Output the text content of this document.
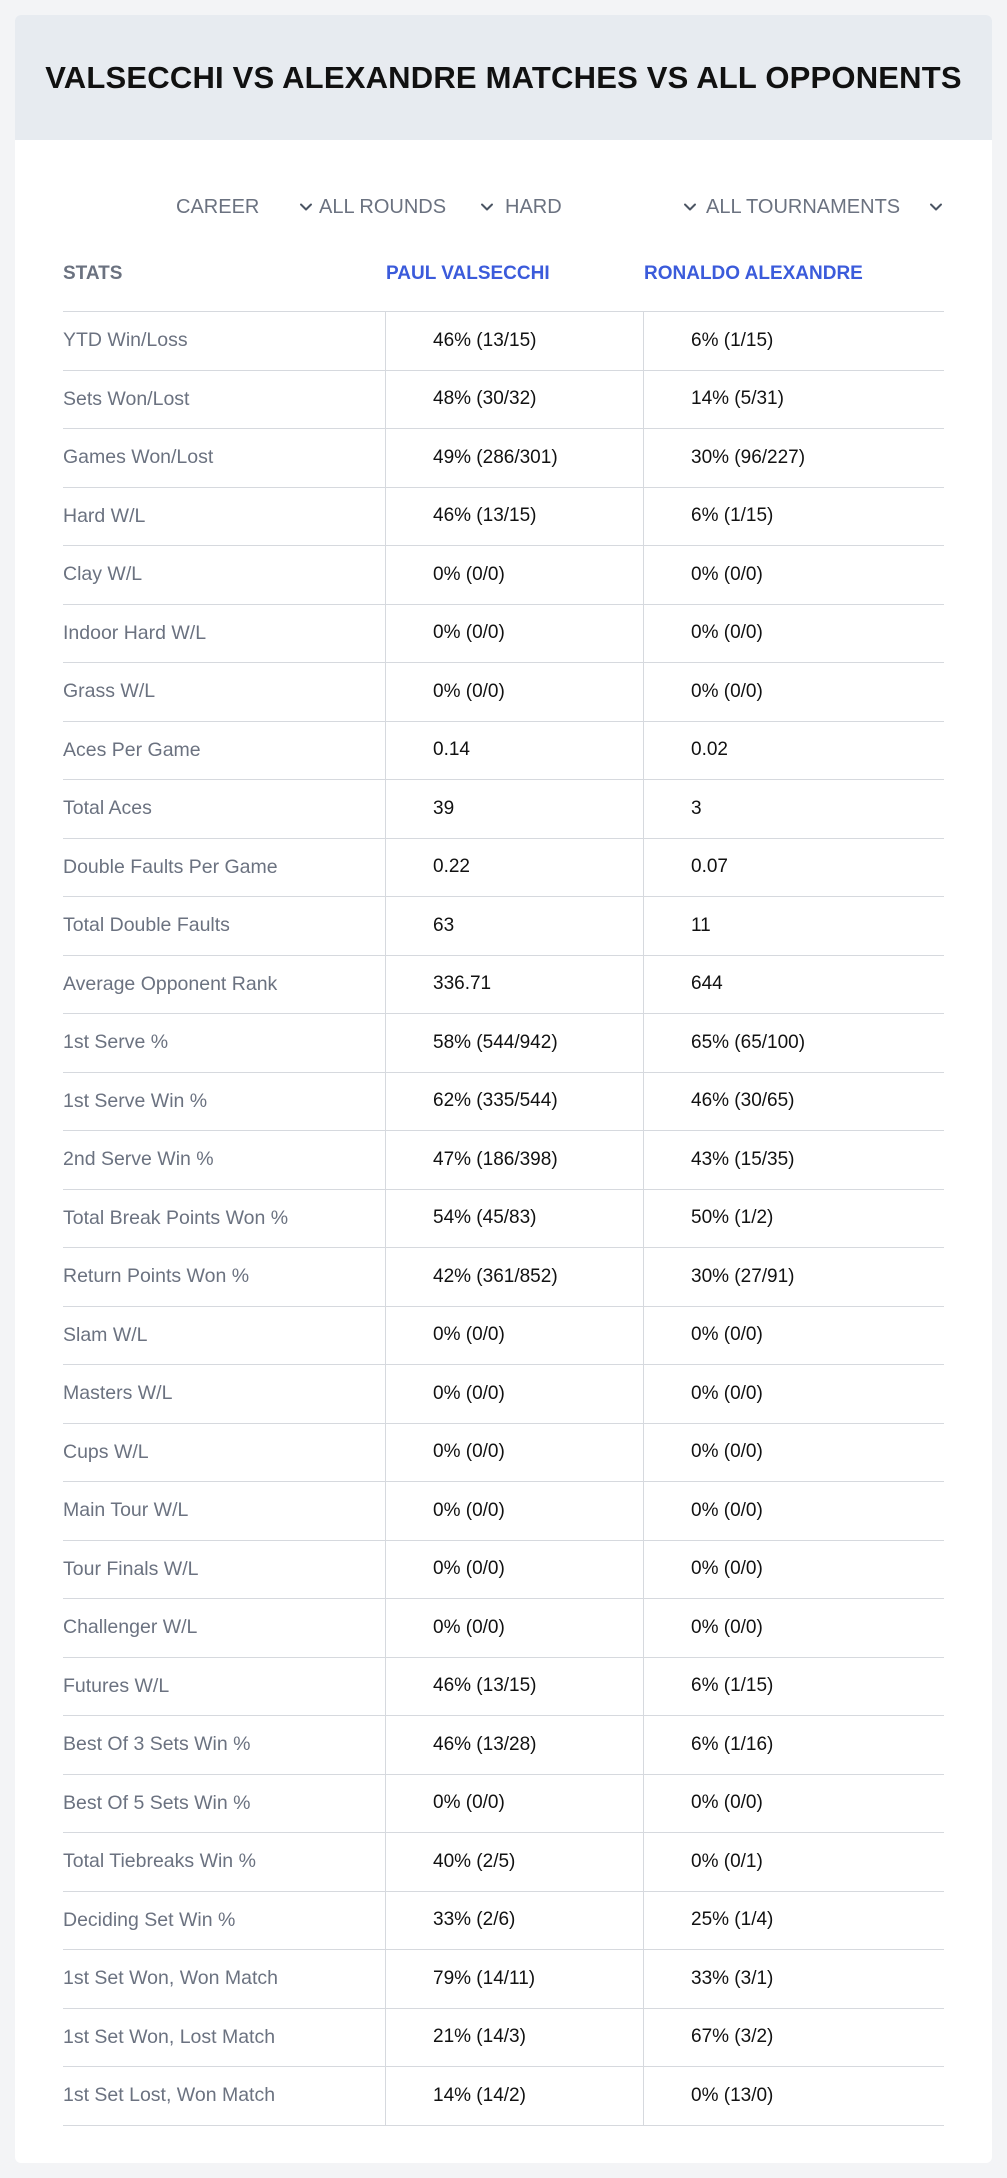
VALSECCHI VS ALEXANDRE MATCHES VS ALL OPPONENTS
CAREER	ALL ROUNDS	HARD	ALL TOURNAMENTS
STATS	PAUL VALSECCHI	RONALDO ALEXANDRE
YTD Win/Loss	46% (13/15)	6% (1/15)
Sets Won/Lost	48% (30/32)	14% (5/31)
Games Won/Lost	49% (286/301)	30% (96/227)
Hard W/L	46% (13/15)	6% (1/15)
Clay W/L	0% (0/0)	0% (0/0)
Indoor Hard W/L	0% (0/0)	0% (0/0)
Grass W/L	0% (0/0)	0% (0/0)
Aces Per Game	0.14	0.02
Total Aces	39	3
Double Faults Per Game	0.22	0.07
Total Double Faults	63	11
Average Opponent Rank	336.71	644
1st Serve %	58% (544/942)	65% (65/100)
1st Serve Win %	62% (335/544)	46% (30/65)
2nd Serve Win %	47% (186/398)	43% (15/35)
Total Break Points Won %	54% (45/83)	50% (1/2)
Return Points Won %	42% (361/852)	30% (27/91)
Slam W/L	0% (0/0)	0% (0/0)
Masters W/L	0% (0/0)	0% (0/0)
Cups W/L	0% (0/0)	0% (0/0)
Main Tour W/L	0% (0/0)	0% (0/0)
Tour Finals W/L	0% (0/0)	0% (0/0)
Challenger W/L	0% (0/0)	0% (0/0)
Futures W/L	46% (13/15)	6% (1/15)
Best Of 3 Sets Win %	46% (13/28)	6% (1/16)
Best Of 5 Sets Win %	0% (0/0)	0% (0/0)
Total Tiebreaks Win %	40% (2/5)	0% (0/1)
Deciding Set Win %	33% (2/6)	25% (1/4)
1st Set Won, Won Match	79% (14/11)	33% (3/1)
1st Set Won, Lost Match	21% (14/3)	67% (3/2)
1st Set Lost, Won Match	14% (14/2)	0% (13/0)
